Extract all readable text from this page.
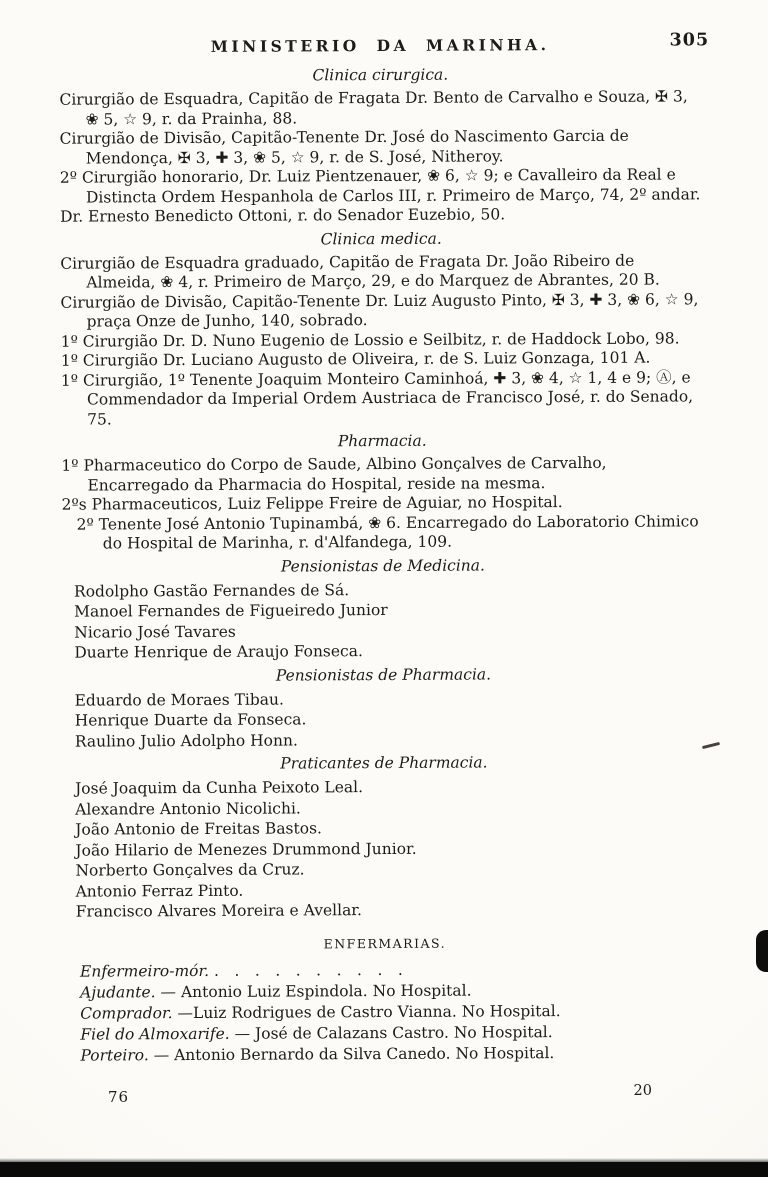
MINISTERIO DA MARINHA.	305
Clinica cirurgica.

Cirurgião de Esquadra, Capitão de Fragata Dr. Bento de Carvalho e Souza, ✠ 3, ❀ 5, ☆ 9, r. da Prainha, 88.

Cirurgião de Divisão, Capitão-Tenente Dr. José do Nascimento Garcia de Mendonça, ✠ 3, ✚ 3, ❀ 5, ☆ 9, r. de S. José, Nitheroy.

2º Cirurgião honorario, Dr. Luiz Pientzenauer, ❀ 6, ☆ 9; e Cavalleiro da Real e Distincta Ordem Hespanhola de Carlos III, r. Primeiro de Março, 74, 2º andar.

Dr. Ernesto Benedicto Ottoni, r. do Senador Euzebio, 50.

Clinica medica.

Cirurgião de Esquadra graduado, Capitão de Fragata Dr. João Ribeiro de Almeida, ❀ 4, r. Primeiro de Março, 29, e do Marquez de Abrantes, 20 B.

Cirurgião de Divisão, Capitão-Tenente Dr. Luiz Augusto Pinto, ✠ 3, ✚ 3, ❀ 6, ☆ 9, praça Onze de Junho, 140, sobrado.

1º Cirurgião Dr. D. Nuno Eugenio de Lossio e Seilbitz, r. de Haddock Lobo, 98.

1º Cirurgião Dr. Luciano Augusto de Oliveira, r. de S. Luiz Gonzaga, 101 A.

1º Cirurgião, 1º Tenente Joaquim Monteiro Caminhoá, ✚ 3, ❀ 4, ☆ 1, 4 e 9; Ⓐ, e Commendador da Imperial Ordem Austriaca de Francisco José, r. do Senado, 75.

Pharmacia.

1º Pharmaceutico do Corpo de Saude, Albino Gonçalves de Carvalho, Encarregado da Pharmacia do Hospital, reside na mesma.

2ºs Pharmaceuticos, Luiz Felippe Freire de Aguiar, no Hospital.

2º Tenente José Antonio Tupinambá, ❀ 6. Encarregado do Laboratorio Chimico do Hospital de Marinha, r. d'Alfandega, 109.

Pensionistas de Medicina.

Rodolpho Gastão Fernandes de Sá.

Manoel Fernandes de Figueiredo Junior

Nicario José Tavares

Duarte Henrique de Araujo Fonseca.

Pensionistas de Pharmacia.

Eduardo de Moraes Tibau.

Henrique Duarte da Fonseca.

Raulino Julio Adolpho Honn.

Praticantes de Pharmacia.

José Joaquim da Cunha Peixoto Leal.

Alexandre Antonio Nicolichi.

João Antonio de Freitas Bastos.

João Hilario de Menezes Drummond Junior.

Norberto Gonçalves da Cruz.

Antonio Ferraz Pinto.

Francisco Alvares Moreira e Avellar.

ENFERMARIAS.

Enfermeiro-mór. .  .  .  .  .  .  .  .  .  .

Ajudante. — Antonio Luiz Espindola. No Hospital.

Comprador. —Luiz Rodrigues de Castro Vianna. No Hospital.

Fiel do Almoxarife. — José de Calazans Castro. No Hospital.

Porteiro. — Antonio Bernardo da Silva Canedo. No Hospital.

76	20
